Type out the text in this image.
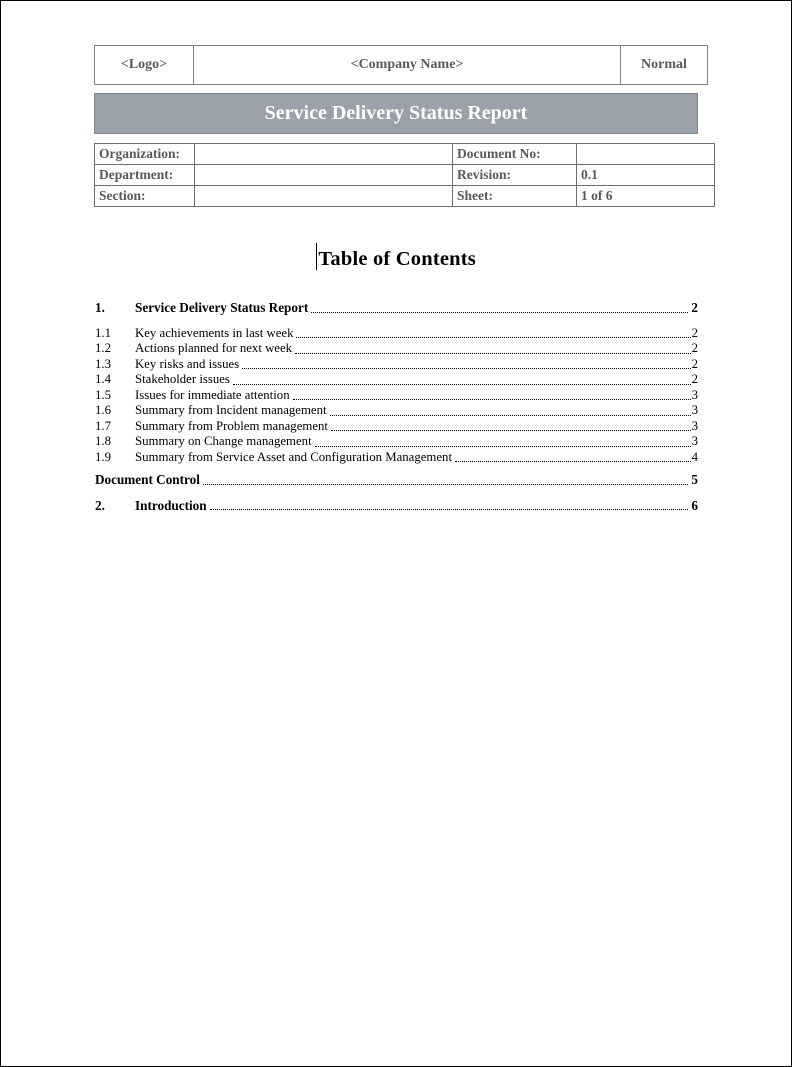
<Logo>	<Company Name>	Normal
Service Delivery Status Report
Organization:		Document No:	
Department:		Revision:	0.1
Section:		Sheet:	1 of 6
Table of Contents
1.	Service Delivery Status Report	2
1.1	Key achievements in last week	2
1.2	Actions planned for next week	2
1.3	Key risks and issues	2
1.4	Stakeholder issues	2
1.5	Issues for immediate attention	3
1.6	Summary from Incident management	3
1.7	Summary from Problem management	3
1.8	Summary on Change management	3
1.9	Summary from Service Asset and Configuration Management	4
Document Control	5
2.	Introduction	6
